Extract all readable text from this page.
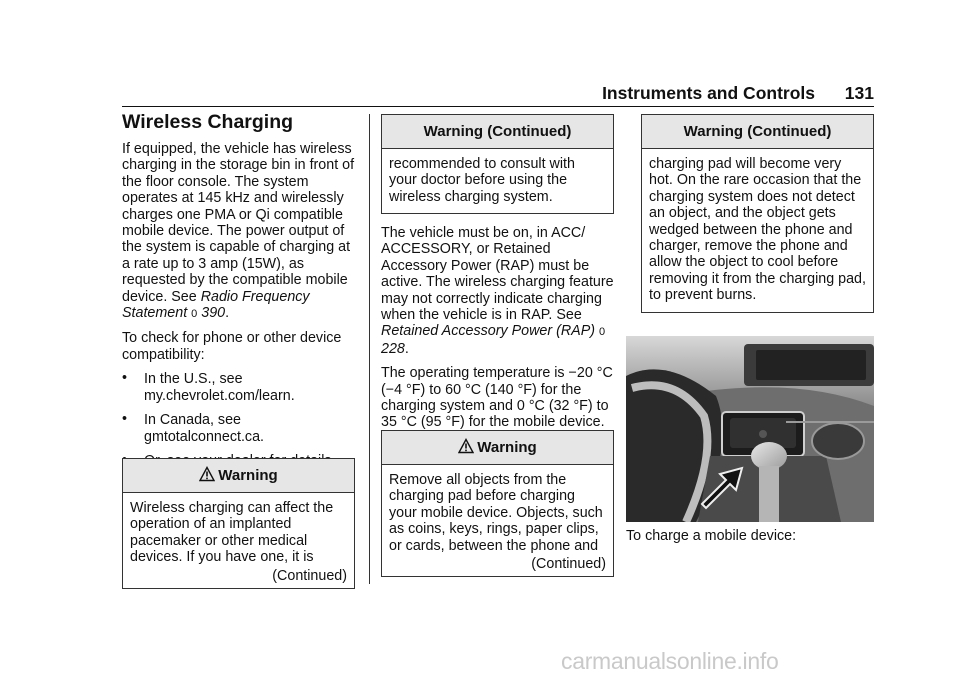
Instruments and Controls 131
Wireless Charging

If equipped, the vehicle has wireless charging in the storage bin in front of the floor console. The system operates at 145 kHz and wirelessly charges one PMA or Qi compatible mobile device. The power output of the system is capable of charging at a rate up to 3 amp (15W), as requested by the compatible mobile device. See Radio Frequency Statement 0 390.

To check for phone or other device compatibility:

• In the U.S., see my.chevrolet.com/learn.
• In Canada, see gmtotalconnect.ca.
Warning

Wireless charging can affect the operation of an implanted pacemaker or other medical devices. If you have one, it is

(Continued)
Warning (Continued)

recommended to consult with your doctor before using the wireless charging system.

The vehicle must be on, in ACC/ ACCESSORY, or Retained Accessory Power (RAP) must be active. The wireless charging feature may not correctly indicate charging when the vehicle is in RAP. See Retained Accessory Power (RAP) 0 228.

The operating temperature is −20 °C (−4 °F) to 60 °C (140 °F) for the charging system and 0 °C (32 °F) to 35 °C (95 °F) for the mobile device.

Warning

Remove all objects from the charging pad before charging your mobile device. Objects, such as coins, keys, rings, paper clips, or cards, between the phone and

(Continued)
Warning (Continued)

charging pad will become very hot. On the rare occasion that the charging system does not detect an object, and the object gets wedged between the phone and charger, remove the phone and allow the object to cool before removing it from the charging pad, to prevent burns.

To charge a mobile device:
carmanualsonline.info
